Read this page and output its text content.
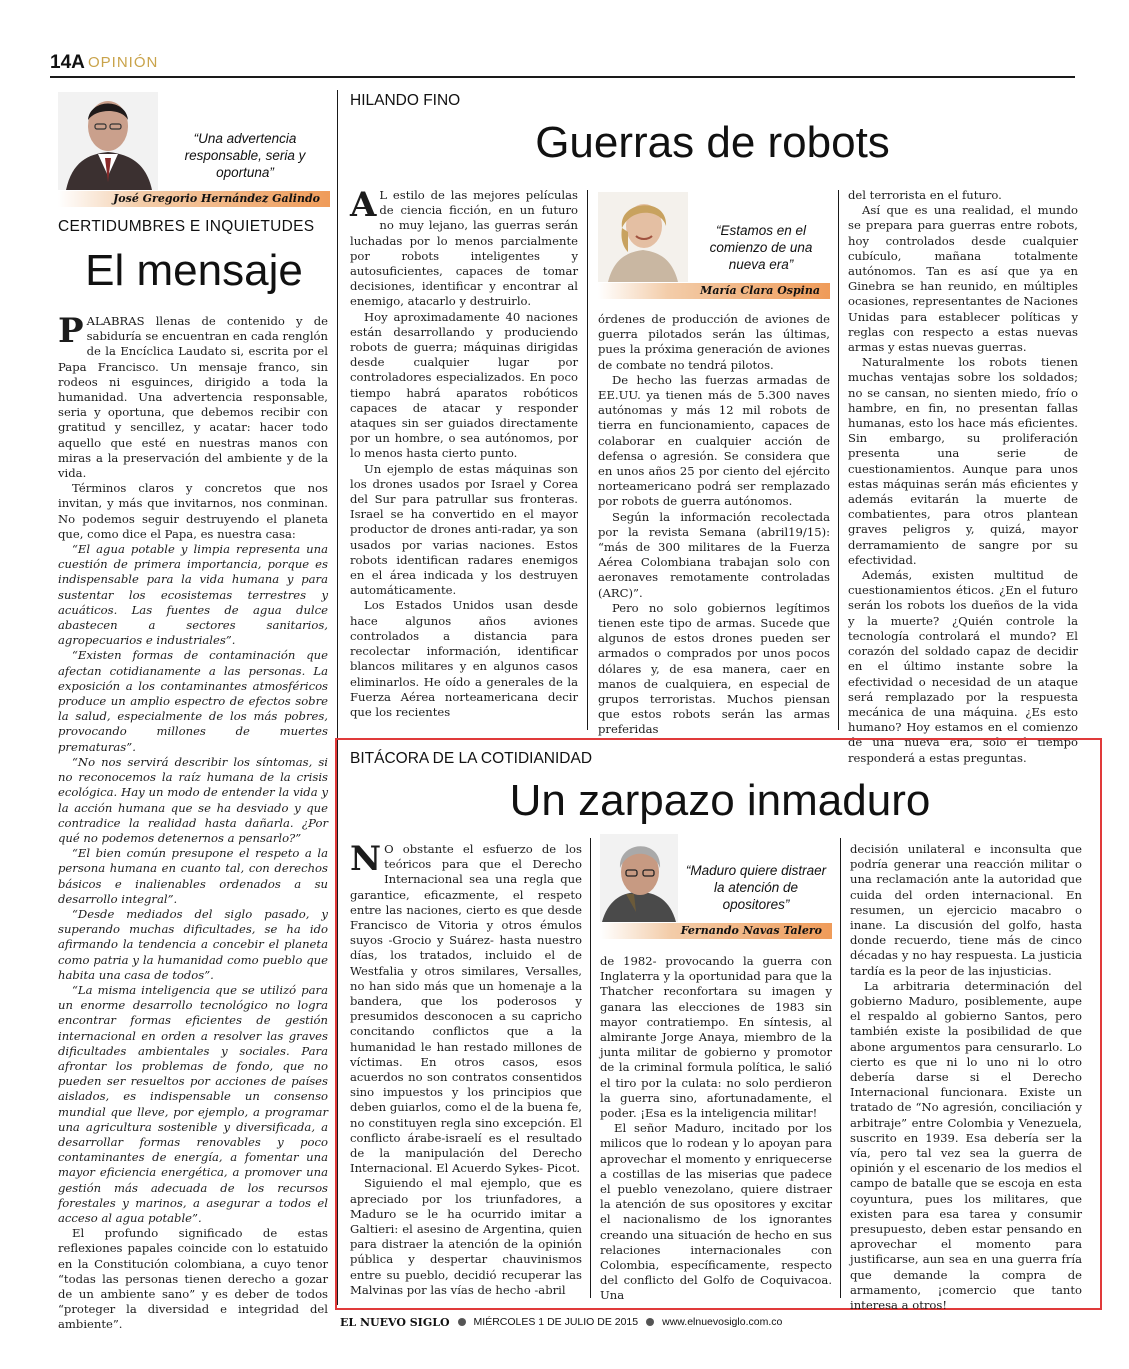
14A OPINIÓN
“Una advertencia responsable, seria y oportuna”
José Gregorio Hernández Galindo
CERTIDUMBRES E INQUIETUDES
El mensaje
P ALABRAS llenas de contenido y de sabiduría se encuentran en cada renglón de la Encíclica Laudato si, escrita por el Papa Francisco. Un mensaje franco, sin rodeos ni esguinces, dirigido a toda la humanidad. Una advertencia responsable, seria y oportuna, que debemos recibir con gratitud y sencillez, y acatar: hacer todo aquello que esté en nuestras manos con miras a la preservación del ambiente y de la vida.

Términos claros y concretos que nos invitan, y más que invitarnos, nos conminan. No podemos seguir destruyendo el planeta que, como dice el Papa, es nuestra casa:

“El agua potable y limpia representa una cuestión de primera importancia, porque es indispensable para la vida humana y para sustentar los ecosistemas terrestres y acuáticos. Las fuentes de agua dulce abastecen a sectores sanitarios, agropecuarios e industriales”.

“Existen formas de contaminación que afectan cotidianamente a las personas. La exposición a los contaminantes atmosféricos produce un amplio espectro de efectos sobre la salud, especialmente de los más pobres, provocando millones de muertes prematuras”.

“No nos servirá describir los síntomas, si no reconocemos la raíz humana de la crisis ecológica. Hay un modo de entender la vida y la acción humana que se ha desviado y que contradice la realidad hasta dañarla. ¿Por qué no podemos detenernos a pensarlo?”

“El bien común presupone el respeto a la persona humana en cuanto tal, con derechos básicos e inalienables ordenados a su desarrollo integral”.

“Desde mediados del siglo pasado, y superando muchas dificultades, se ha ido afirmando la tendencia a concebir el planeta como patria y la humanidad como pueblo que habita una casa de todos”.

“La misma inteligencia que se utilizó para un enorme desarrollo tecnológico no logra encontrar formas eficientes de gestión internacional en orden a resolver las graves dificultades ambientales y sociales. Para afrontar los problemas de fondo, que no pueden ser resueltos por acciones de países aislados, es indispensable un consenso mundial que lleve, por ejemplo, a programar una agricultura sostenible y diversificada, a desarrollar formas renovables y poco contaminantes de energía, a fomentar una mayor eficiencia energética, a promover una gestión más adecuada de los recursos forestales y marinos, a asegurar a todos el acceso al agua potable”.

El profundo significado de estas reflexiones papales coincide con lo estatuido en la Constitución colombiana, a cuyo tenor “todas las personas tienen derecho a gozar de un ambiente sano” y es deber de todos “proteger la diversidad e integridad del ambiente”.

HILANDO FINO
Guerras de robots
A L estilo de las mejores películas de ciencia ficción, en un futuro no muy lejano, las guerras serán luchadas por lo menos parcialmente por robots inteligentes y autosuficientes, capaces de tomar decisiones, identificar y encontrar al enemigo, atacarlo y destruirlo.

Hoy aproximadamente 40 naciones están desarrollando y produciendo robots de guerra; máquinas dirigidas desde cualquier lugar por controladores especializados. En poco tiempo habrá aparatos robóticos capaces de atacar y responder ataques sin ser guiados directamente por un hombre, o sea autónomos, por lo menos hasta cierto punto.

Un ejemplo de estas máquinas son los drones usados por Israel y Corea del Sur para patrullar sus fronteras. Israel se ha convertido en el mayor productor de drones anti-radar, ya son usados por varias naciones. Estos robots identifican radares enemigos en el área indicada y los destruyen automáticamente.

Los Estados Unidos usan desde hace algunos años aviones controlados a distancia para recolectar información, identificar blancos militares y en algunos casos eliminarlos. He oído a generales de la Fuerza Aérea norteamericana decir que los recientes

“Estamos en el comienzo de una nueva era”
María Clara Ospina

órdenes de producción de aviones de guerra pilotados serán las últimas, pues la próxima generación de aviones de combate no tendrá pilotos.

De hecho las fuerzas armadas de EE.UU. ya tienen más de 5.300 naves autónomas y más 12 mil robots de tierra en funcionamiento, capaces de colaborar en cualquier acción de defensa o agresión. Se considera que en unos años 25 por ciento del ejército norteamericano podrá ser remplazado por robots de guerra autónomos.

Según la información recolectada por la revista Semana (abril19/15): “más de 300 militares de la Fuerza Aérea Colombiana trabajan solo con aeronaves remotamente controladas (ARC)”.

Pero no solo gobiernos legítimos tienen este tipo de armas. Sucede que algunos de estos drones pueden ser armados o comprados por unos pocos dólares y, de esa manera, caer en manos de cualquiera, en especial de grupos terroristas. Muchos piensan que estos robots serán las armas preferidas

del terrorista en el futuro.

Así que es una realidad, el mundo se prepara para guerras entre robots, hoy controlados desde cualquier cubículo, mañana totalmente autónomos. Tan es así que ya en Ginebra se han reunido, en múltiples ocasiones, representantes de Naciones Unidas para establecer políticas y reglas con respecto a estas nuevas armas y estas nuevas guerras.

Naturalmente los robots tienen muchas ventajas sobre los soldados; no se cansan, no sienten miedo, frío o hambre, en fin, no presentan fallas humanas, esto los hace más eficientes. Sin embargo, su proliferación presenta una serie de cuestionamientos. Aunque para unos estas máquinas serán más eficientes y además evitarán la muerte de combatientes, para otros plantean graves peligros y, quizá, mayor derramamiento de sangre por su efectividad.

Además, existen multitud de cuestionamientos éticos. ¿En el futuro serán los robots los dueños de la vida y la muerte? ¿Quién controle la tecnología controlará el mundo? El corazón del soldado capaz de decidir en el último instante sobre la efectividad o necesidad de un ataque será remplazado por la respuesta mecánica de una máquina. ¿Es esto humano? Hoy estamos en el comienzo de una nueva era, solo el tiempo responderá a estas preguntas.

BITÁCORA DE LA COTIDIANIDAD
Un zarpazo inmaduro
N O obstante el esfuerzo de los teóricos para que el Derecho Internacional sea una regla que garantice, eficazmente, el respeto entre las naciones, cierto es que desde Francisco de Vitoria y otros émulos suyos -Grocio y Suárez- hasta nuestro días, los tratados, incluido el de Westfalia y otros similares, Versalles, no han sido más que un homenaje a la bandera, que los poderosos y presumidos desconocen a su capricho concitando conflictos que a la humanidad le han restado millones de víctimas. En otros casos, esos acuerdos no son contratos consentidos sino impuestos y los principios que deben guiarlos, como el de la buena fe, no constituyen regla sino excepción. El conflicto árabe-israelí es el resultado de la manipulación del Derecho Internacional. El Acuerdo Sykes- Picot.

Siguiendo el mal ejemplo, que es apreciado por los triunfadores, a Maduro se le ha ocurrido imitar a Galtieri: el asesino de Argentina, quien para distraer la atención de la opinión pública y despertar chauvinismos entre su pueblo, decidió recuperar las Malvinas por las vías de hecho -abril

“Maduro quiere distraer la atención de opositores”
Fernando Navas Talero

de 1982- provocando la guerra con Inglaterra y la oportunidad para que la Thatcher reconfortara su imagen y ganara las elecciones de 1983 sin mayor contratiempo. En síntesis, al almirante Jorge Anaya, miembro de la junta militar de gobierno y promotor de la criminal formula política, le salió el tiro por la culata: no solo perdieron la guerra sino, afortunadamente, el poder. ¡Esa es la inteligencia militar!

El señor Maduro, incitado por los milicos que lo rodean y lo apoyan para aprovechar el momento y enriquecerse a costillas de las miserias que padece el pueblo venezolano, quiere distraer la atención de sus opositores y excitar el nacionalismo de los ignorantes creando una situación de hecho en sus relaciones internacionales con Colombia, específicamente, respecto del conflicto del Golfo de Coquivacoa. Una

decisión unilateral e inconsulta que podría generar una reacción militar o una reclamación ante la autoridad que cuida del orden internacional. En resumen, un ejercicio macabro o inane. La discusión del golfo, hasta donde recuerdo, tiene más de cinco décadas y no hay respuesta. La justicia tardía es la peor de las injusticias.

La arbitraria determinación del gobierno Maduro, posiblemente, aupe el respaldo al gobierno Santos, pero también existe la posibilidad de que abone argumentos para censurarlo. Lo cierto es que ni lo uno ni lo otro debería darse si el Derecho Internacional funcionara. Existe un tratado de “No agresión, conciliación y arbitraje” entre Colombia y Venezuela, suscrito en 1939. Esa debería ser la vía, pero tal vez sea la guerra de opinión y el escenario de los medios el campo de batalle que se escoja en esta coyuntura, pues los militares, que existen para esa tarea y consumir presupuesto, deben estar pensando en aprovechar el momento para justificarse, aun sea en una guerra fría que demande la compra de armamento, ¡comercio que tanto interesa a otros!

EL NUEVO SIGLO MIÉRCOLES 1 DE JULIO DE 2015 www.elnuevosiglo.com.co
